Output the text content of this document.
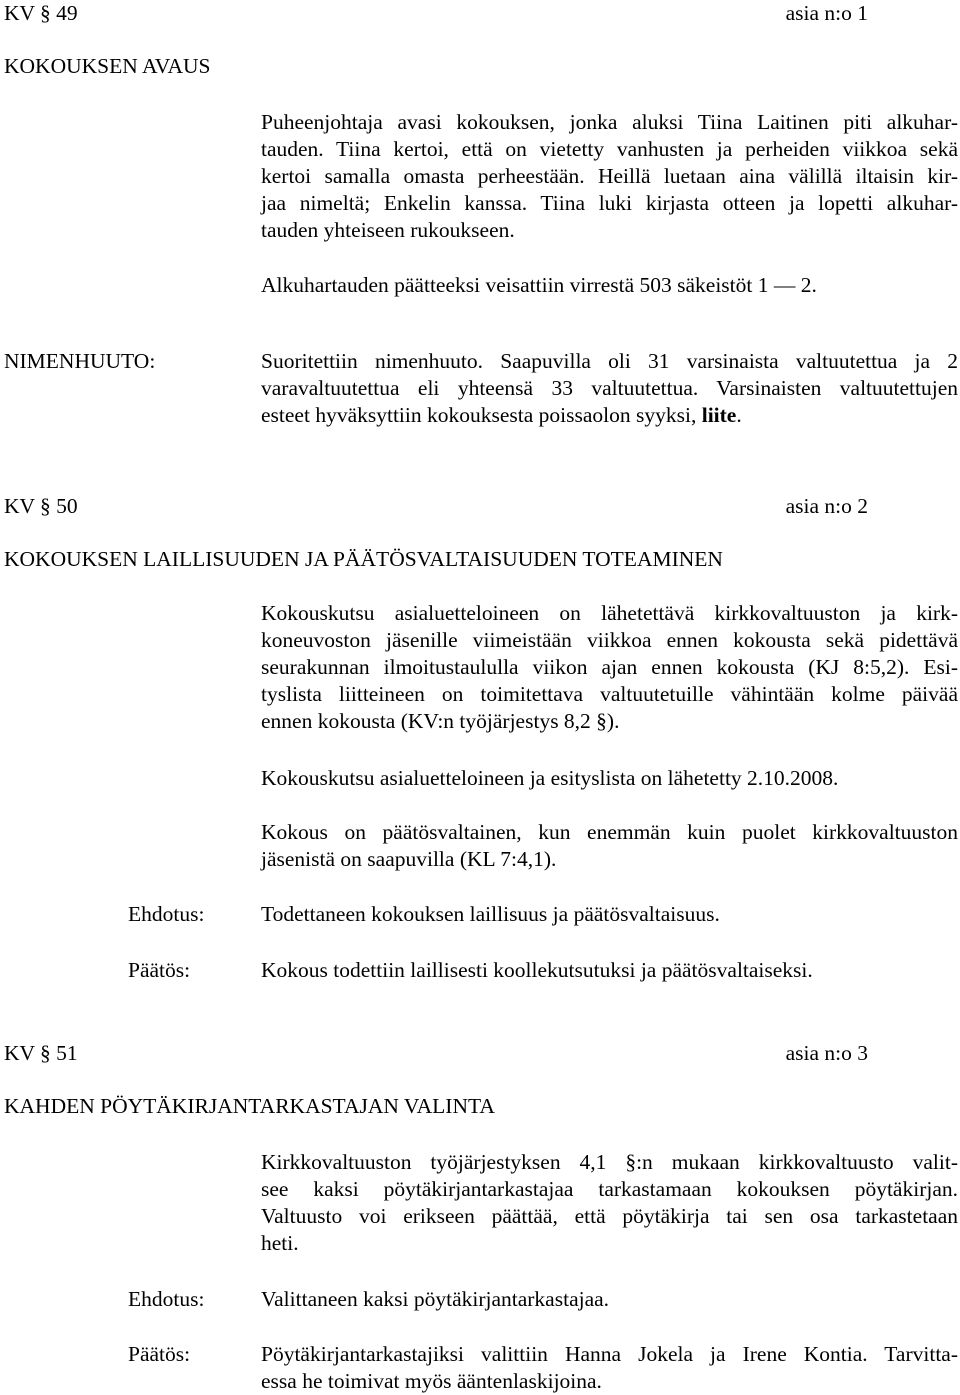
KV § 49	asia n:o 1
KOKOUKSEN AVAUS
Puheenjohtaja avasi kokouksen, jonka aluksi Tiina Laitinen piti alkuhar-
tauden. Tiina kertoi, että on vietetty vanhusten ja perheiden viikkoa sekä
kertoi samalla omasta perheestään. Heillä luetaan aina välillä iltaisin kir-
jaa nimeltä; Enkelin kanssa. Tiina luki kirjasta otteen ja lopetti alkuhar-
tauden yhteiseen rukoukseen.
Alkuhartauden päätteeksi veisattiin virrestä 503 säkeistöt 1 — 2.
NIMENHUUTO:	Suoritettiin nimenhuuto. Saapuvilla oli 31 varsinaista valtuutettua ja 2
varavaltuutettua eli yhteensä 33 valtuutettua. Varsinaisten valtuutettujen
esteet hyväksyttiin kokouksesta poissaolon syyksi, liite.
KV § 50	asia n:o 2
KOKOUKSEN LAILLISUUDEN JA PÄÄTÖSVALTAISUUDEN TOTEAMINEN
Kokouskutsu asialuetteloineen on lähetettävä kirkkovaltuuston ja kirk-
koneuvoston jäsenille viimeistään viikkoa ennen kokousta sekä pidettävä
seurakunnan ilmoitustaululla viikon ajan ennen kokousta (KJ 8:5,2). Esi-
tyslista liitteineen on toimitettava valtuutetuille vähintään kolme päivää
ennen kokousta (KV:n työjärjestys 8,2 §).
Kokouskutsu asialuetteloineen ja esityslista on lähetetty 2.10.2008.
Kokous on päätösvaltainen, kun enemmän kuin puolet kirkkovaltuuston
jäsenistä on saapuvilla (KL 7:4,1).
Ehdotus:	Todettaneen kokouksen laillisuus ja päätösvaltaisuus.
Päätös:	Kokous todettiin laillisesti koollekutsutuksi ja päätösvaltaiseksi.
KV § 51	asia n:o 3
KAHDEN PÖYTÄKIRJANTARKASTAJAN VALINTA
Kirkkovaltuuston työjärjestyksen 4,1 §:n mukaan kirkkovaltuusto valit-
see kaksi pöytäkirjantarkastajaa tarkastamaan kokouksen pöytäkirjan.
Valtuusto voi erikseen päättää, että pöytäkirja tai sen osa tarkastetaan
heti.
Ehdotus:	Valittaneen kaksi pöytäkirjantarkastajaa.
Päätös:	Pöytäkirjantarkastajiksi valittiin Hanna Jokela ja Irene Kontia. Tarvitta-
essa he toimivat myös ääntenlaskijoina.
